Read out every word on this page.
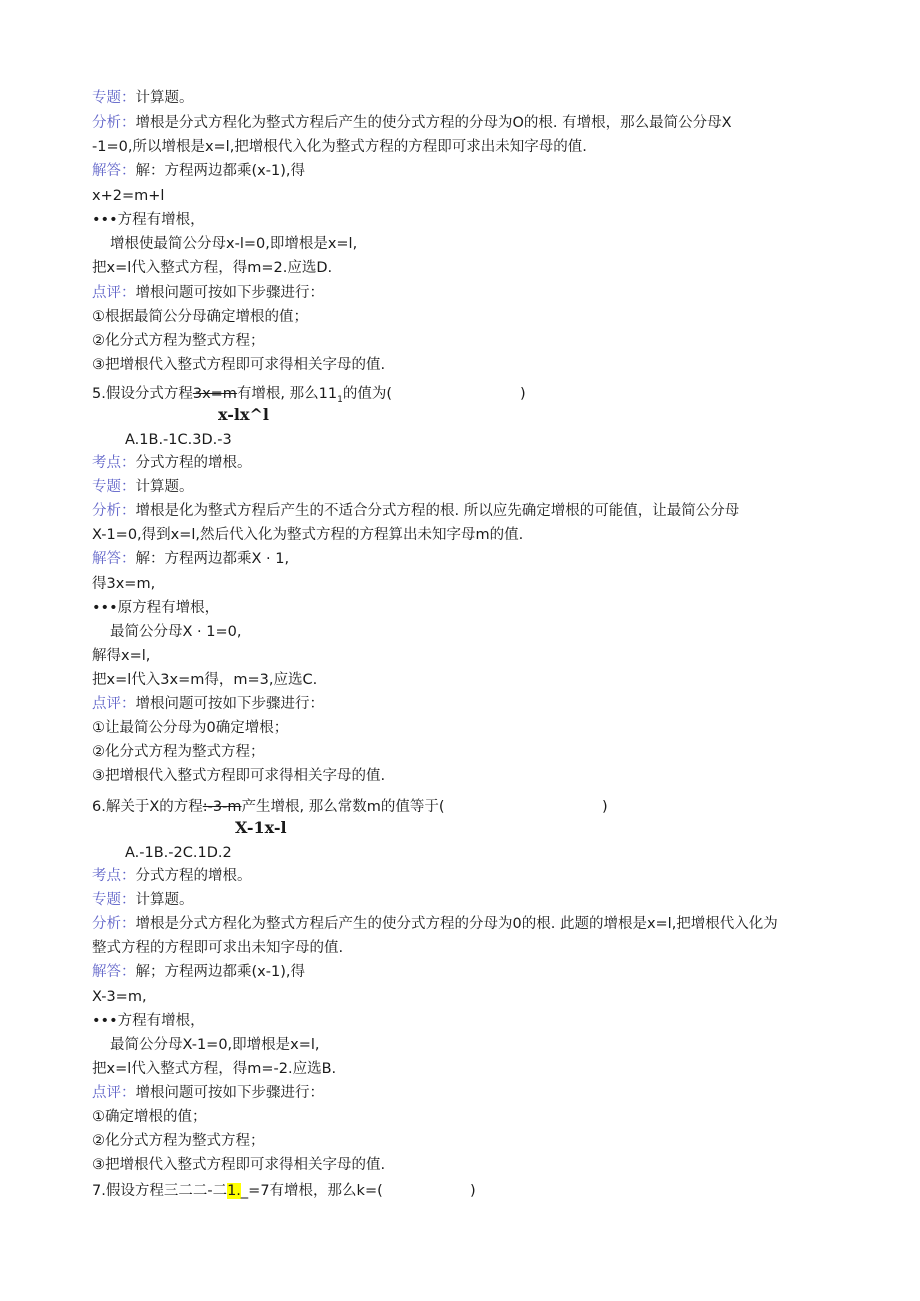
专题：计算题。
分析：增根是分式方程化为整式方程后产生的使分式方程的分母为O的根. 有增根，那么最简公分母X
-1=0,所以增根是x=l,把增根代入化为整式方程的方程即可求出未知字母的值.
解答：解：方程两边都乘(x-1),得
x+2=m+l
•••方程有增根，
增根使最简公分母x-l=0,即增根是x=l,
把x=l代入整式方程，得m=2.应选D.
点评：增根问题可按如下步骤进行：
①根据最简公分母确定增根的值；
②化分式方程为整式方程；
③把增根代入整式方程即可求得相关字母的值.
5.假设分式方程3x=m有增根, 那么$11_1$的值为(	)
x-lx^l
A.1B.-1C.3D.-3
考点：分式方程的增根。
专题：计算题。
分析：增根是化为整式方程后产生的不适合分式方程的根. 所以应先确定增根的可能值，让最简公分母
X-1=0,得到x=l,然后代入化为整式方程的方程算出未知字母m的值.
解答：解：方程两边都乘X · 1,
得3x=m,
•••原方程有增根，
最简公分母X · 1=0,
解得x=l,
把x=l代入3x=m得，m=3,应选C.
点评：增根问题可按如下步骤进行：
①让最简公分母为0确定增根；
②化分式方程为整式方程；
③把增根代入整式方程即可求得相关字母的值.
6.解关于X的方程:-3-m产生增根, 那么常数m的值等于(	)
X-1x-l
A.-1B.-2C.1D.2
考点：分式方程的增根。
专题：计算题。
分析：增根是分式方程化为整式方程后产生的使分式方程的分母为0的根. 此题的增根是x=l,把增根代入化为
整式方程的方程即可求出未知字母的值.
解答：解；方程两边都乘(x-1),得
X-3=m,
•••方程有增根，
最简公分母X-1=0,即增根是x=l,
把x=l代入整式方程，得m=-2.应选B.
点评：增根问题可按如下步骤进行：
①确定增根的值；
②化分式方程为整式方程；
③把增根代入整式方程即可求得相关字母的值.
7.假设方程三二二-二1._=7有增根，那么k=(	)
